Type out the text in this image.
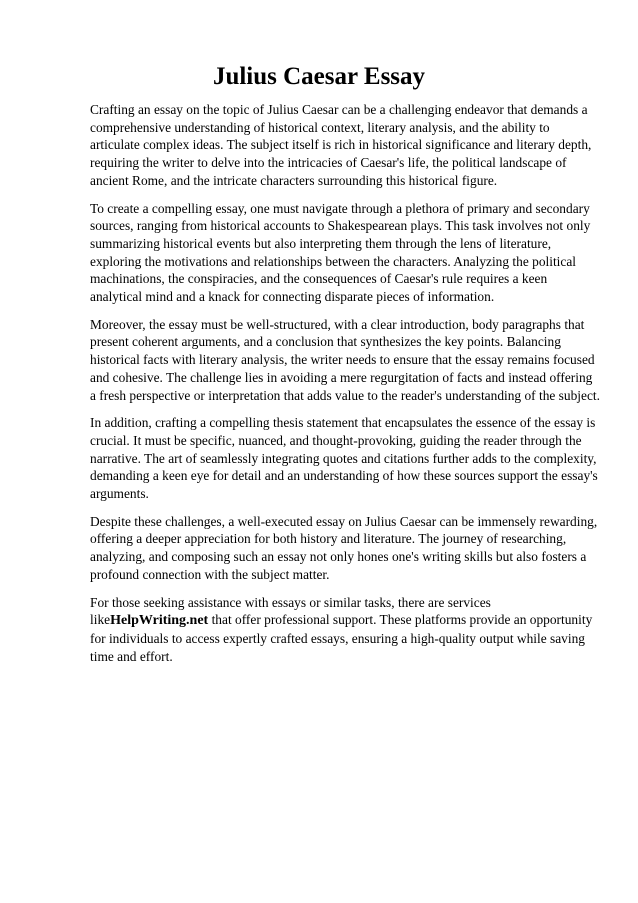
Julius Caesar Essay

Crafting an essay on the topic of Julius Caesar can be a challenging endeavor that demands a comprehensive understanding of historical context, literary analysis, and the ability to articulate complex ideas. The subject itself is rich in historical significance and literary depth, requiring the writer to delve into the intricacies of Caesar's life, the political landscape of ancient Rome, and the intricate characters surrounding this historical figure.

To create a compelling essay, one must navigate through a plethora of primary and secondary sources, ranging from historical accounts to Shakespearean plays. This task involves not only summarizing historical events but also interpreting them through the lens of literature, exploring the motivations and relationships between the characters. Analyzing the political machinations, the conspiracies, and the consequences of Caesar's rule requires a keen analytical mind and a knack for connecting disparate pieces of information.

Moreover, the essay must be well-structured, with a clear introduction, body paragraphs that present coherent arguments, and a conclusion that synthesizes the key points. Balancing historical facts with literary analysis, the writer needs to ensure that the essay remains focused and cohesive. The challenge lies in avoiding a mere regurgitation of facts and instead offering a fresh perspective or interpretation that adds value to the reader's understanding of the subject.

In addition, crafting a compelling thesis statement that encapsulates the essence of the essay is crucial. It must be specific, nuanced, and thought-provoking, guiding the reader through the narrative. The art of seamlessly integrating quotes and citations further adds to the complexity, demanding a keen eye for detail and an understanding of how these sources support the essay's arguments.

Despite these challenges, a well-executed essay on Julius Caesar can be immensely rewarding, offering a deeper appreciation for both history and literature. The journey of researching, analyzing, and composing such an essay not only hones one's writing skills but also fosters a profound connection with the subject matter.

For those seeking assistance with essays or similar tasks, there are services likeHelpWriting.net that offer professional support. These platforms provide an opportunity for individuals to access expertly crafted essays, ensuring a high-quality output while saving time and effort.
